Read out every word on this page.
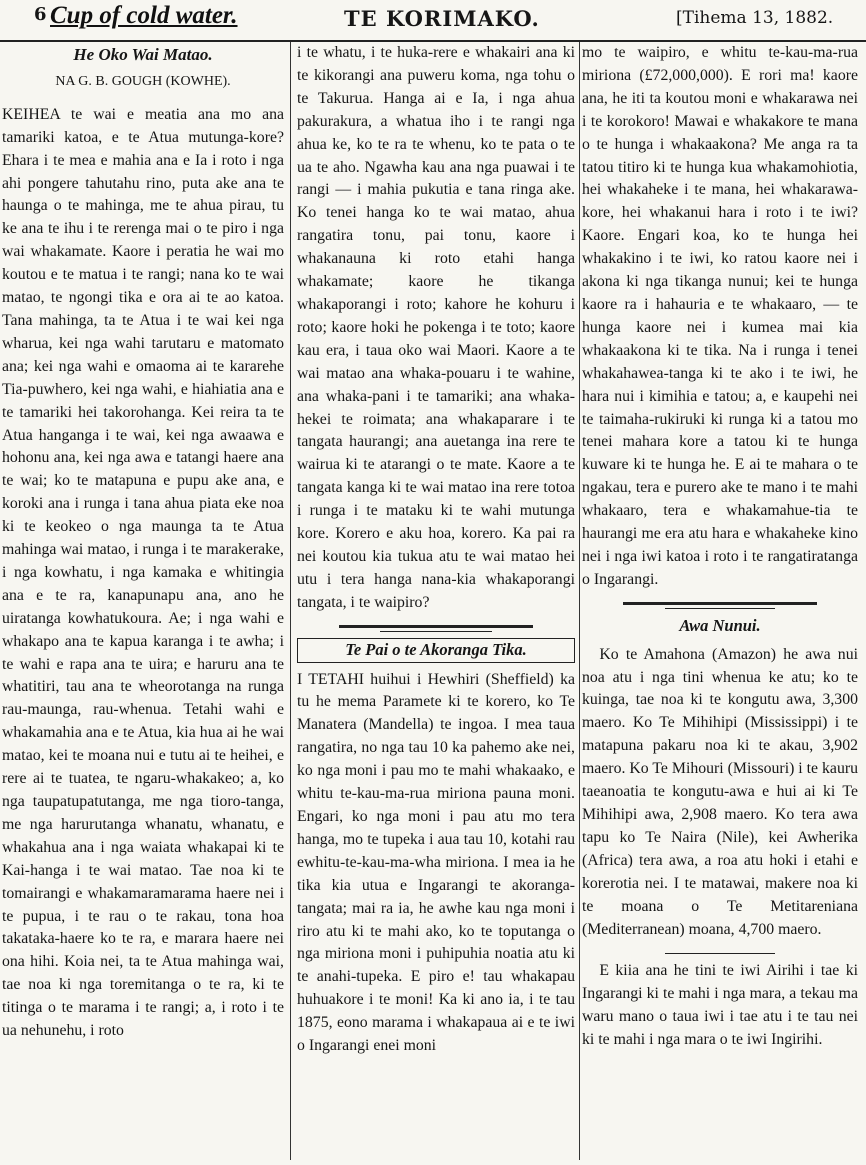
6 Cup of cold water.	TE KORIMAKO.	[Tihema 13, 1882.
He Oko Wai Matao.
NA G. B. GOUGH (KOWHE).

KEIHEA te wai e meatia ana mo ana tamariki katoa, e te Atua mutunga-kore? Ehara i te mea e mahia ana e Ia i roto i nga ahi pongere tahutahu rino, puta ake ana te haunga o te mahinga, me te ahua pirau, tu ke ana te ihu i te rerenga mai o te piro i nga wai whakamate. Kaore i peratia he wai mo koutou e te matua i te rangi; nana ko te wai matao, te ngongi tika e ora ai te ao katoa. Tana mahinga, ta te Atua i te wai kei nga wharua, kei nga wahi tarutaru e matomato ana; kei nga wahi e omaoma ai te kararehe Tia-puwhero, kei nga wahi, e hiahiatia ana e te tamariki hei takorohanga. Kei reira ta te Atua hanganga i te wai, kei nga awaawa e hohonu ana, kei nga awa e tatangi haere ana te wai; ko te matapuna e pupu ake ana, e koroki ana i runga i tana ahua piata eke noa ki te keokeo o nga maunga ta te Atua mahinga wai matao, i runga i te marakerake, i nga kowhatu, i nga kamaka e whitingia ana e te ra, kanapunapu ana, ano he uiratanga kowhatukoura. Ae; i nga wahi e whakapo ana te kapua karanga i te awha; i te wahi e rapa ana te uira; e haruru ana te whatitiri, tau ana te wheorotanga na runga rau-maunga, rau-whenua. Tetahi wahi e whakamahia ana e te Atua, kia hua ai he wai matao, kei te moana nui e tutu ai te heihei, e rere ai te tuatea, te ngaru-whakakeo; a, ko nga taupatupatutanga, me nga tioro-tanga, me nga harurutanga whanatu, whanatu, e whakahua ana i nga waiata whakapai ki te Kai-hanga i te wai matao. Tae noa ki te tomairangi e whakamaramarama haere nei i te pupua, i te rau o te rakau, tona hoa takataka-haere ko te ra, e marara haere nei ona hihi. Koia nei, ta te Atua mahinga wai, tae noa ki nga toremitanga o te ra, ki te titinga o te marama i te rangi; a, i roto i te ua nehunehu, i roto

i te whatu, i te huka-rere e whakairi ana ki te kikorangi ana puweru koma, nga tohu o te Takurua. Hanga ai e Ia, i nga ahua pakurakura, a whatua iho i te rangi nga ahua ke, ko te ra te whenu, ko te pata o te ua te aho. Ngawha kau ana nga puawai i te rangi — i mahia pukutia e tana ringa ake. Ko tenei hanga ko te wai matao, ahua rangatira tonu, pai tonu, kaore i whakanauna ki roto etahi hanga whakamate; kaore he tikanga whakaporangi i roto; kahore he kohuru i roto; kaore hoki he pokenga i te toto; kaore kau era, i taua oko wai Maori. Kaore a te wai matao ana whaka-pouaru i te wahine, ana whaka-pani i te tamariki; ana whaka-hekei te roimata; ana whakaparare i te tangata haurangi; ana auetanga ina rere te wairua ki te atarangi o te mate. Kaore a te tangata kanga ki te wai matao ina rere totoa i runga i te mataku ki te wahi mutunga kore. Korero e aku hoa, korero. Ka pai ra nei koutou kia tukua atu te wai matao hei utu i tera hanga nana-kia whakaporangi tangata, i te waipiro?

Te Pai o te Akoranga Tika.

I TETAHI huihui i Hewhiri (Sheffield) ka tu he mema Paramete ki te korero, ko Te Manatera (Mandella) te ingoa. I mea taua rangatira, no nga tau 10 ka pahemo ake nei, ko nga moni i pau mo te mahi whakaako, e whitu te-kau-ma-rua miriona pauna moni. Engari, ko nga moni i pau atu mo tera hanga, mo te tupeka i aua tau 10, kotahi rau ewhitu-te-kau-ma-wha miriona. I mea ia he tika kia utua e Ingarangi te akoranga-tangata; mai ra ia, he awhe kau nga moni i riro atu ki te mahi ako, ko te toputanga o nga miriona moni i puhipuhia noatia atu ki te anahi-tupeka. E piro e! tau whakapau huhuakore i te moni! Ka ki ano ia, i te tau 1875, eono marama i whakapaua ai e te iwi o Ingarangi enei moni

mo te waipiro, e whitu te-kau-ma-rua miriona (£72,000,000). E rori ma! kaore ana, he iti ta koutou moni e whakarawa nei i te korokoro! Mawai e whakakore te mana o te hunga i whakaakona? Me anga ra ta tatou titiro ki te hunga kua whakamohiotia, hei whakaheke i te mana, hei whakarawa-kore, hei whakanui hara i roto i te iwi? Kaore. Engari koa, ko te hunga hei whakakino i te iwi, ko ratou kaore nei i akona ki nga tikanga nunui; kei te hunga kaore ra i hahauria e te whakaaro, — te hunga kaore nei i kumea mai kia whakaakona ki te tika. Na i runga i tenei whakahawea-tanga ki te ako i te iwi, he hara nui i kimihia e tatou; a, e kaupehi nei te taimaha-rukiruki ki runga ki a tatou mo tenei mahara kore a tatou ki te hunga kuware ki te hunga he. E ai te mahara o te ngakau, tera e purero ake te mano i te mahi whakaaro, tera e whakamahue-tia te haurangi me era atu hara e whakaheke kino nei i nga iwi katoa i roto i te rangatiratanga o Ingarangi.

Awa Nunui.

Ko te Amahona (Amazon) he awa nui noa atu i nga tini whenua ke atu; ko te kuinga, tae noa ki te kongutu awa, 3,300 maero. Ko Te Mihihipi (Mississippi) i te matapuna pakaru noa ki te akau, 3,902 maero. Ko Te Mihouri (Missouri) i te kauru taeanoatia te kongutu-awa e hui ai ki Te Mihihipi awa, 2,908 maero. Ko tera awa tapu ko Te Naira (Nile), kei Awherika (Africa) tera awa, a roa atu hoki i etahi e korerotia nei. I te matawai, makere noa ki te moana o Te Metitareniana (Mediterranean) moana, 4,700 maero.

E kiia ana he tini te iwi Airihi i tae ki Ingarangi ki te mahi i nga mara, a tekau ma waru mano o taua iwi i tae atu i te tau nei ki te mahi i nga mara o te iwi Ingirihi.
